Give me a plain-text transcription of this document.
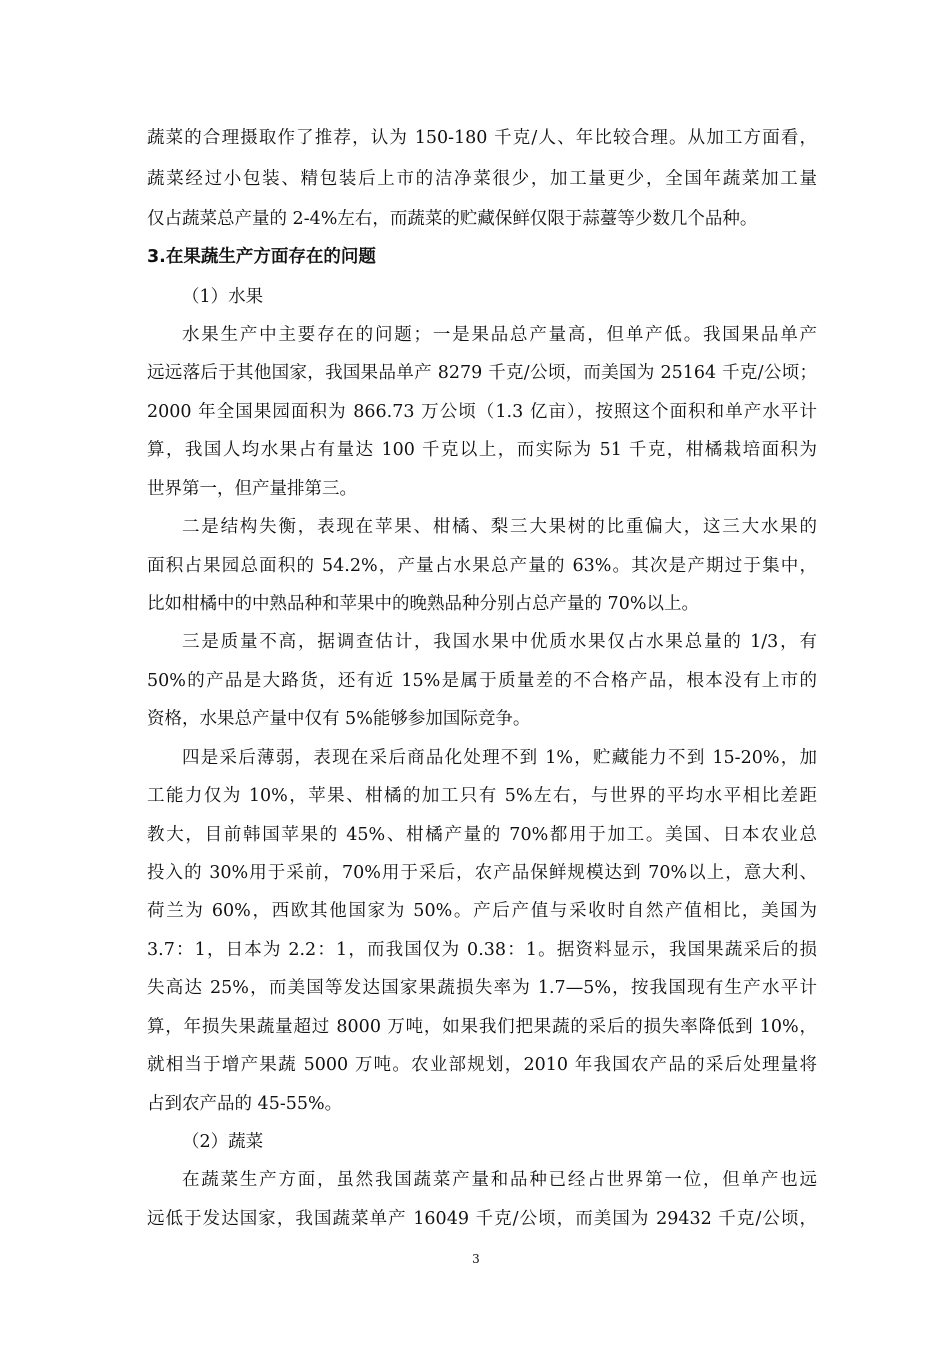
蔬菜的合理摄取作了推荐，认为 150-180 千克/人、年比较合理。从加工方面看，
蔬菜经过小包装、精包装后上市的洁净菜很少，加工量更少，全国年蔬菜加工量
仅占蔬菜总产量的 2-4%左右，而蔬菜的贮藏保鲜仅限于蒜薹等少数几个品种。
3.在果蔬生产方面存在的问题
（1）水果
水果生产中主要存在的问题；一是果品总产量高，但单产低。我国果品单产
远远落后于其他国家，我国果品单产 8279 千克/公顷，而美国为 25164 千克/公顷；
2000 年全国果园面积为 866.73 万公顷（1.3 亿亩），按照这个面积和单产水平计
算，我国人均水果占有量达 100 千克以上，而实际为 51 千克，柑橘栽培面积为
世界第一，但产量排第三。
二是结构失衡，表现在苹果、柑橘、梨三大果树的比重偏大，这三大水果的
面积占果园总面积的 54.2%，产量占水果总产量的 63%。其次是产期过于集中，
比如柑橘中的中熟品种和苹果中的晚熟品种分别占总产量的 70%以上。
三是质量不高，据调查估计，我国水果中优质水果仅占水果总量的 1/3，有
50%的产品是大路货，还有近 15%是属于质量差的不合格产品，根本没有上市的
资格，水果总产量中仅有 5%能够参加国际竞争。
四是采后薄弱，表现在采后商品化处理不到 1%，贮藏能力不到 15-20%，加
工能力仅为 10%，苹果、柑橘的加工只有 5%左右，与世界的平均水平相比差距
教大，目前韩国苹果的 45%、柑橘产量的 70%都用于加工。美国、日本农业总
投入的 30%用于采前，70%用于采后，农产品保鲜规模达到 70%以上，意大利、
荷兰为 60%，西欧其他国家为 50%。产后产值与采收时自然产值相比，美国为
3.7：1，日本为 2.2：1，而我国仅为 0.38：1。据资料显示，我国果蔬采后的损
失高达 25%，而美国等发达国家果蔬损失率为 1.7—5%，按我国现有生产水平计
算，年损失果蔬量超过 8000 万吨，如果我们把果蔬的采后的损失率降低到 10%，
就相当于增产果蔬 5000 万吨。农业部规划，2010 年我国农产品的采后处理量将
占到农产品的 45-55%。
（2）蔬菜
在蔬菜生产方面，虽然我国蔬菜产量和品种已经占世界第一位，但单产也远
远低于发达国家，我国蔬菜单产 16049 千克/公顷，而美国为 29432 千克/公顷，
3
